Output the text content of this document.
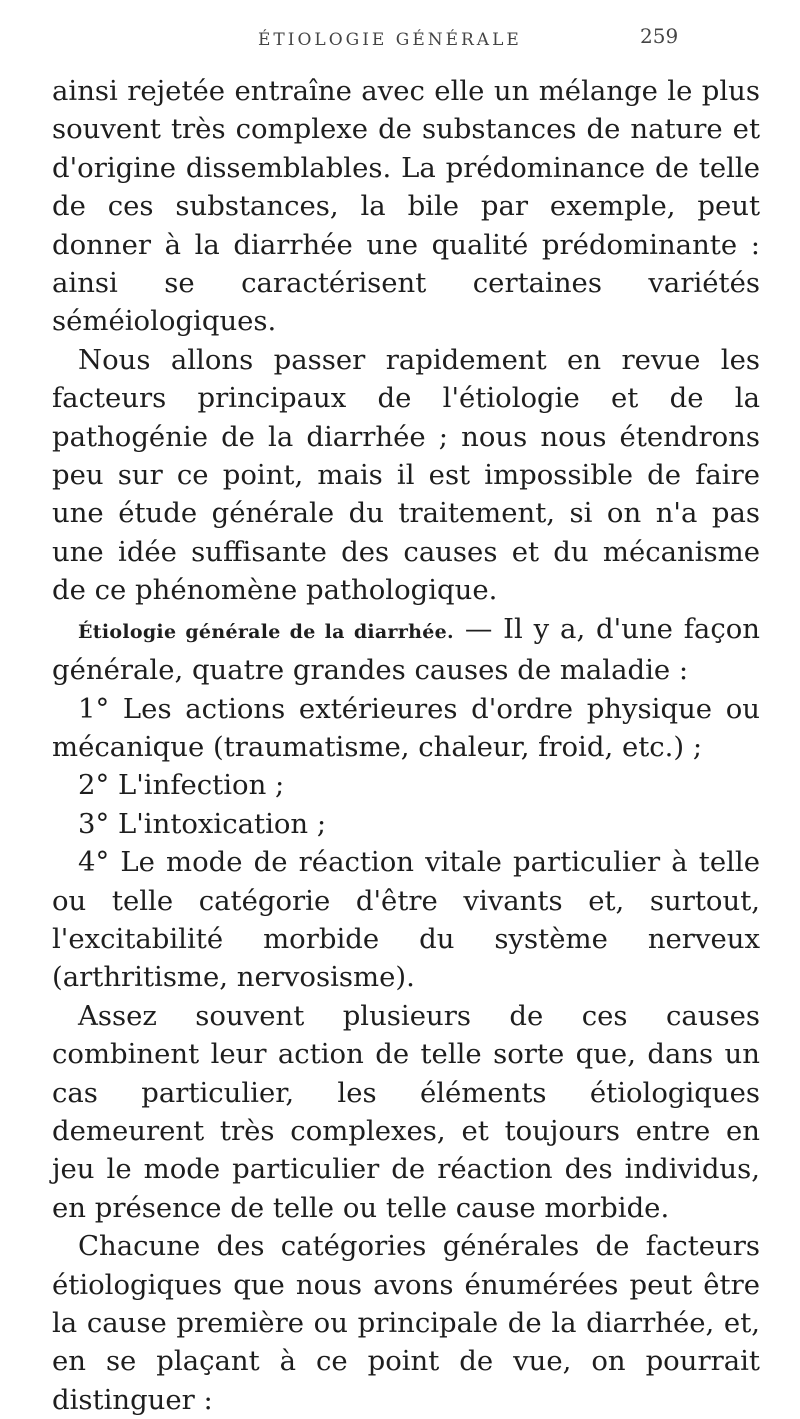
ÉTIOLOGIE GÉNÉRALE	259

ainsi rejetée entraîne avec elle un mélange le plus souvent très complexe de substances de nature et d'origine dissemblables. La prédominance de telle de ces substances, la bile par exemple, peut donner à la diarrhée une qualité prédominante : ainsi se caractérisent certaines variétés séméiologiques.

Nous allons passer rapidement en revue les facteurs principaux de l'étiologie et de la pathogénie de la diarrhée ; nous nous étendrons peu sur ce point, mais il est impossible de faire une étude générale du traitement, si on n'a pas une idée suffisante des causes et du mécanisme de ce phénomène pathologique.

Étiologie générale de la diarrhée. — Il y a, d'une façon générale, quatre grandes causes de maladie :

1° Les actions extérieures d'ordre physique ou mécanique (traumatisme, chaleur, froid, etc.) ;

2° L'infection ;

3° L'intoxication ;

4° Le mode de réaction vitale particulier à telle ou telle catégorie d'être vivants et, surtout, l'excitabilité morbide du système nerveux (arthritisme, nervosisme).

Assez souvent plusieurs de ces causes combinent leur action de telle sorte que, dans un cas particulier, les éléments étiologiques demeurent très complexes, et toujours entre en jeu le mode particulier de réaction des individus, en présence de telle ou telle cause morbide.

Chacune des catégories générales de facteurs étiologiques que nous avons énumérées peut être la cause première ou principale de la diarrhée, et, en se plaçant à ce point de vue, on pourrait distinguer :
